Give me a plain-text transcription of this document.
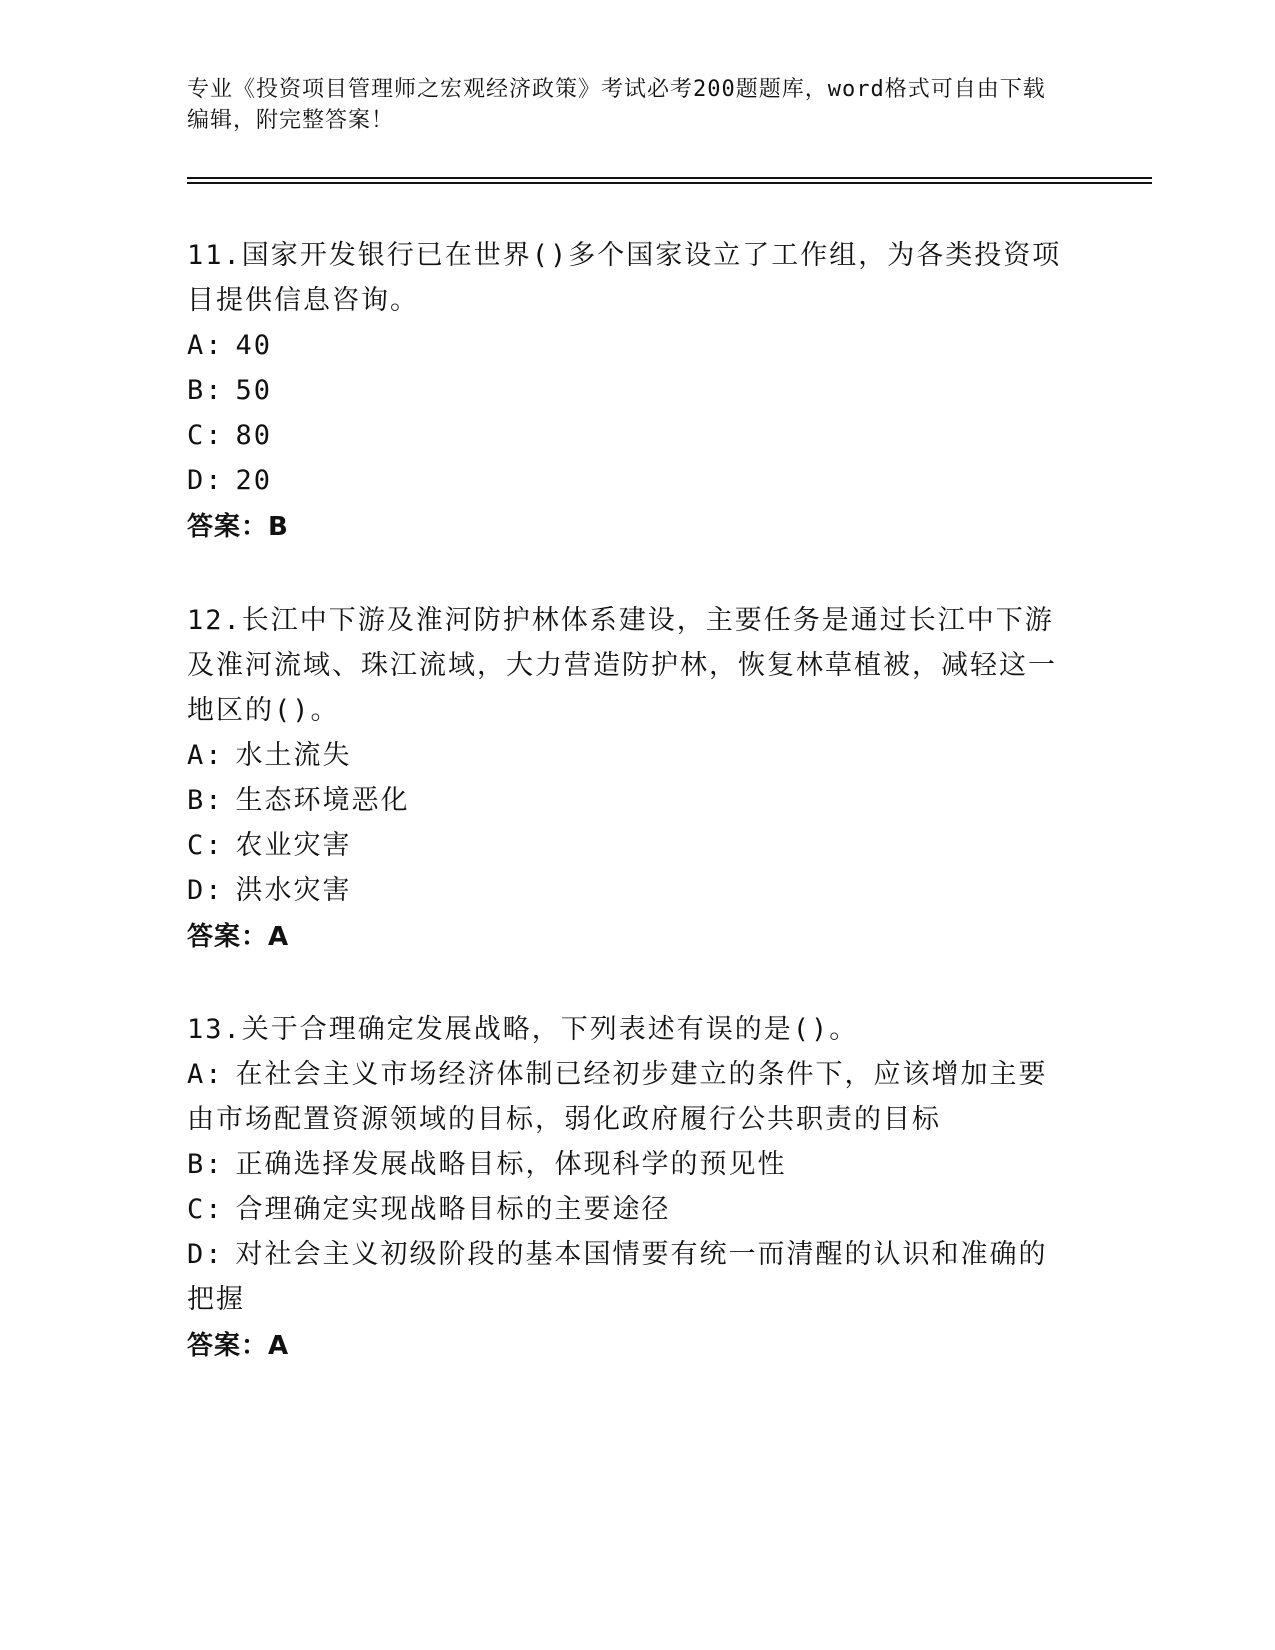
专业《投资项目管理师之宏观经济政策》考试必考200题题库，word格式可自由下载编辑，附完整答案！
11.国家开发银行已在世界()多个国家设立了工作组，为各类投资项目提供信息咨询。
A: 40
B: 50
C: 80
D: 20
答案：B
12.长江中下游及淮河防护林体系建设，主要任务是通过长江中下游及淮河流域、珠江流域，大力营造防护林，恢复林草植被，减轻这一地区的()。
A: 水土流失
B: 生态环境恶化
C: 农业灾害
D: 洪水灾害
答案：A
13.关于合理确定发展战略，下列表述有误的是()。
A: 在社会主义市场经济体制已经初步建立的条件下，应该增加主要由市场配置资源领域的目标，弱化政府履行公共职责的目标
B: 正确选择发展战略目标，体现科学的预见性
C: 合理确定实现战略目标的主要途径
D: 对社会主义初级阶段的基本国情要有统一而清醒的认识和准确的把握
答案：A
